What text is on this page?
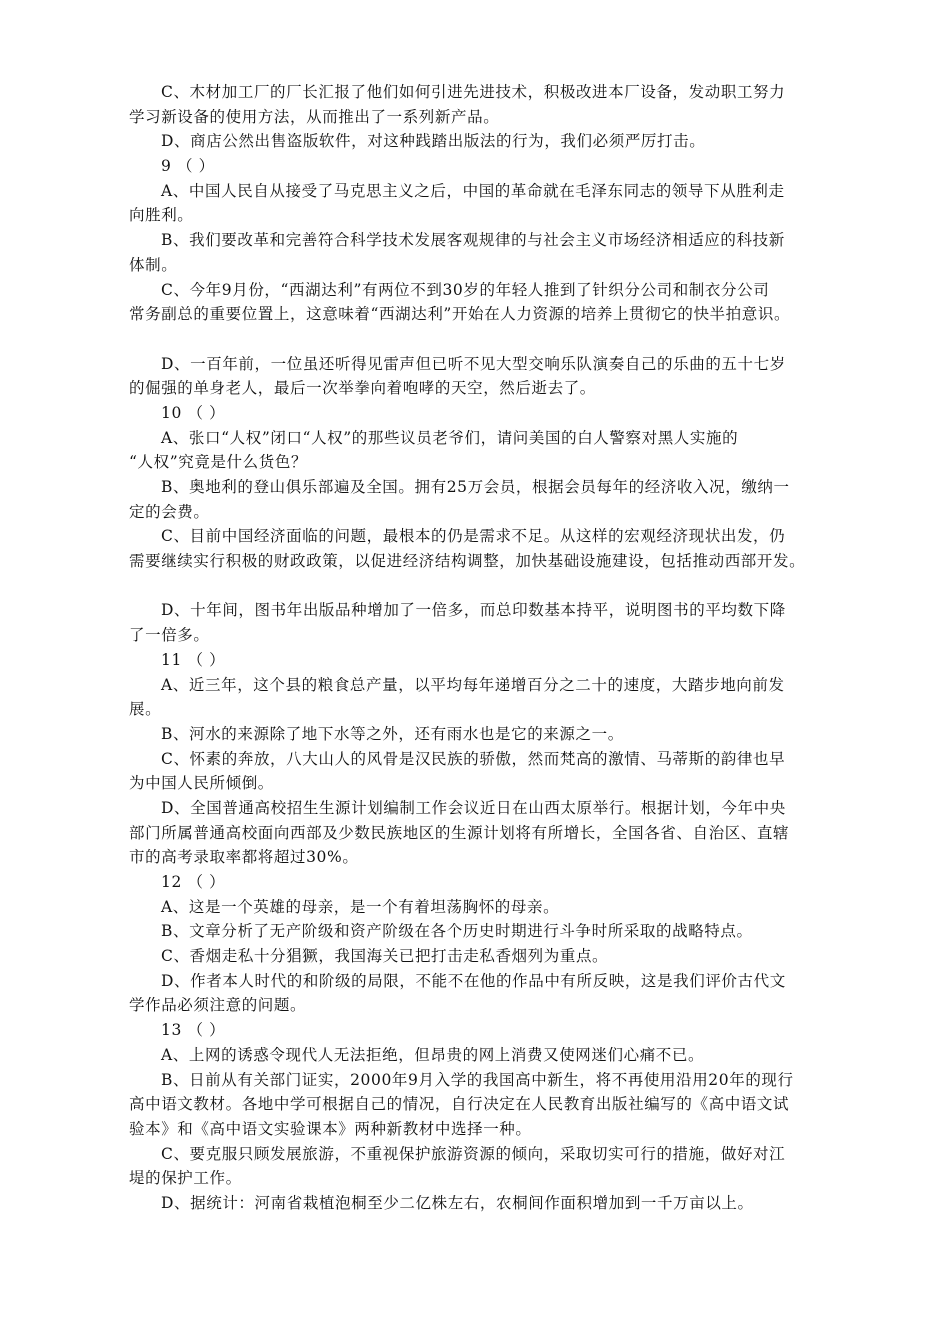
C、木材加工厂的厂长汇报了他们如何引进先进技术，积极改进本厂设备，发动职工努力
学习新设备的使用方法，从而推出了一系列新产品。
D、商店公然出售盗版软件，对这种践踏出版法的行为，我们必须严厉打击。
9 （ ）
A、中国人民自从接受了马克思主义之后，中国的革命就在毛泽东同志的领导下从胜利走
向胜利。
B、我们要改革和完善符合科学技术发展客观规律的与社会主义市场经济相适应的科技新
体制。
C、今年9月份，“西湖达利”有两位不到30岁的年轻人推到了针织分公司和制衣分公司
常务副总的重要位置上，这意味着“西湖达利”开始在人力资源的培养上贯彻它的快半拍意识。
D、一百年前，一位虽还听得见雷声但已听不见大型交响乐队演奏自己的乐曲的五十七岁
的倔强的单身老人，最后一次举拳向着咆哮的天空，然后逝去了。
10 （ ）
A、张口“人权”闭口“人权”的那些议员老爷们，请问美国的白人警察对黑人实施的
“人权”究竟是什么货色？
B、奥地利的登山俱乐部遍及全国。拥有25万会员，根据会员每年的经济收入况，缴纳一
定的会费。
C、目前中国经济面临的问题，最根本的仍是需求不足。从这样的宏观经济现状出发，仍
需要继续实行积极的财政政策，以促进经济结构调整，加快基础设施建设，包括推动西部开发。
D、十年间，图书年出版品种增加了一倍多，而总印数基本持平，说明图书的平均数下降
了一倍多。
11 （ ）
A、近三年，这个县的粮食总产量，以平均每年递增百分之二十的速度，大踏步地向前发
展。
B、河水的来源除了地下水等之外，还有雨水也是它的来源之一。
C、怀素的奔放，八大山人的风骨是汉民族的骄傲，然而梵高的激情、马蒂斯的韵律也早
为中国人民所倾倒。
D、全国普通高校招生生源计划编制工作会议近日在山西太原举行。根据计划，今年中央
部门所属普通高校面向西部及少数民族地区的生源计划将有所增长，全国各省、自治区、直辖
市的高考录取率都将超过30%。
12 （ ）
A、这是一个英雄的母亲，是一个有着坦荡胸怀的母亲。
B、文章分析了无产阶级和资产阶级在各个历史时期进行斗争时所采取的战略特点。
C、香烟走私十分猖獗，我国海关已把打击走私香烟列为重点。
D、作者本人时代的和阶级的局限，不能不在他的作品中有所反映，这是我们评价古代文
学作品必须注意的问题。
13 （ ）
A、上网的诱惑令现代人无法拒绝，但昂贵的网上消费又使网迷们心痛不已。
B、日前从有关部门证实，2000年9月入学的我国高中新生，将不再使用沿用20年的现行
高中语文教材。各地中学可根据自己的情况，自行决定在人民教育出版社编写的《高中语文试
验本》和《高中语文实验课本》两种新教材中选择一种。
C、要克服只顾发展旅游，不重视保护旅游资源的倾向，采取切实可行的措施，做好对江
堤的保护工作。
D、据统计：河南省栽植泡桐至少二亿株左右，农桐间作面积增加到一千万亩以上。
